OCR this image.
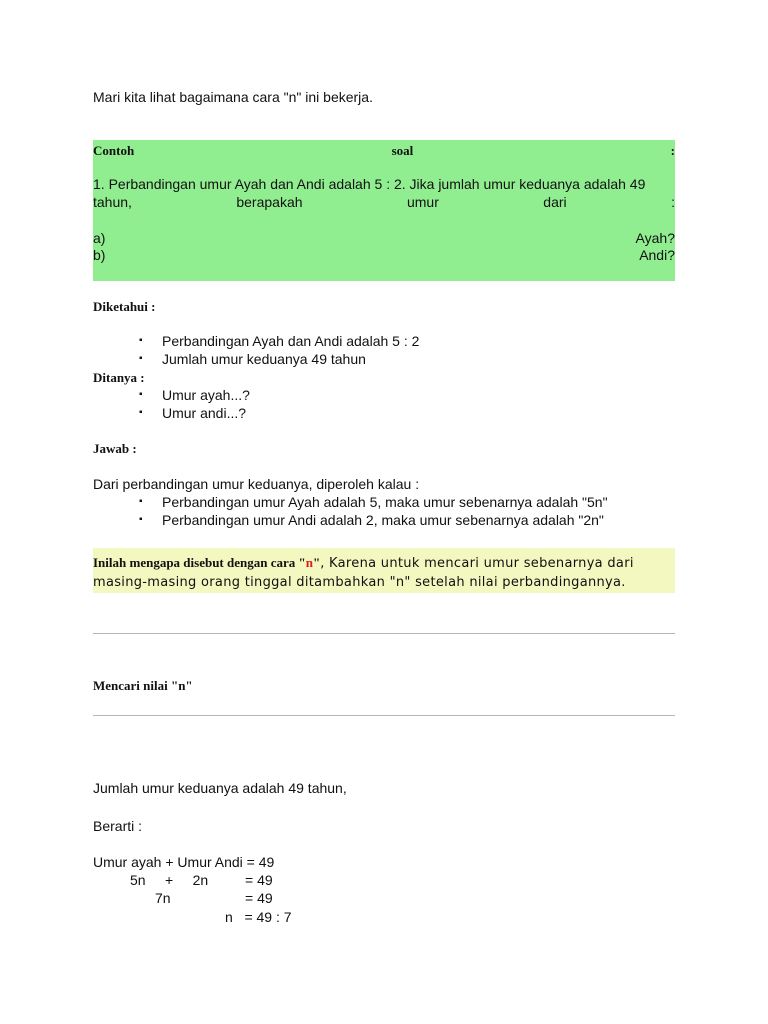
Mari kita lihat bagaimana cara "n" ini bekerja.
Contoh	soal	:
1. Perbandingan umur Ayah dan Andi adalah 5 : 2. Jika jumlah umur keduanya adalah 49
tahun,	berapakah	umur	dari	:
a)	Ayah?
b)	Andi?
Diketahui :
▪ Perbandingan Ayah dan Andi adalah 5 : 2
▪ Jumlah umur keduanya 49 tahun
Ditanya :
▪ Umur ayah...?
▪ Umur andi...?
Jawab :
Dari perbandingan umur keduanya, diperoleh kalau :
▪ Perbandingan umur Ayah adalah 5, maka umur sebenarnya adalah "5n"
▪ Perbandingan umur Andi adalah 2, maka umur sebenarnya adalah "2n"
Inilah mengapa disebut dengan cara "n", Karena untuk mencari umur sebenarnya dari
masing-masing orang tinggal ditambahkan "n" setelah nilai perbandingannya.
Mencari nilai "n"
Jumlah umur keduanya adalah 49 tahun,
Berarti :
Umur ayah + Umur Andi = 49
5n     +     2n	= 49
7n	= 49
n   = 49 : 7
